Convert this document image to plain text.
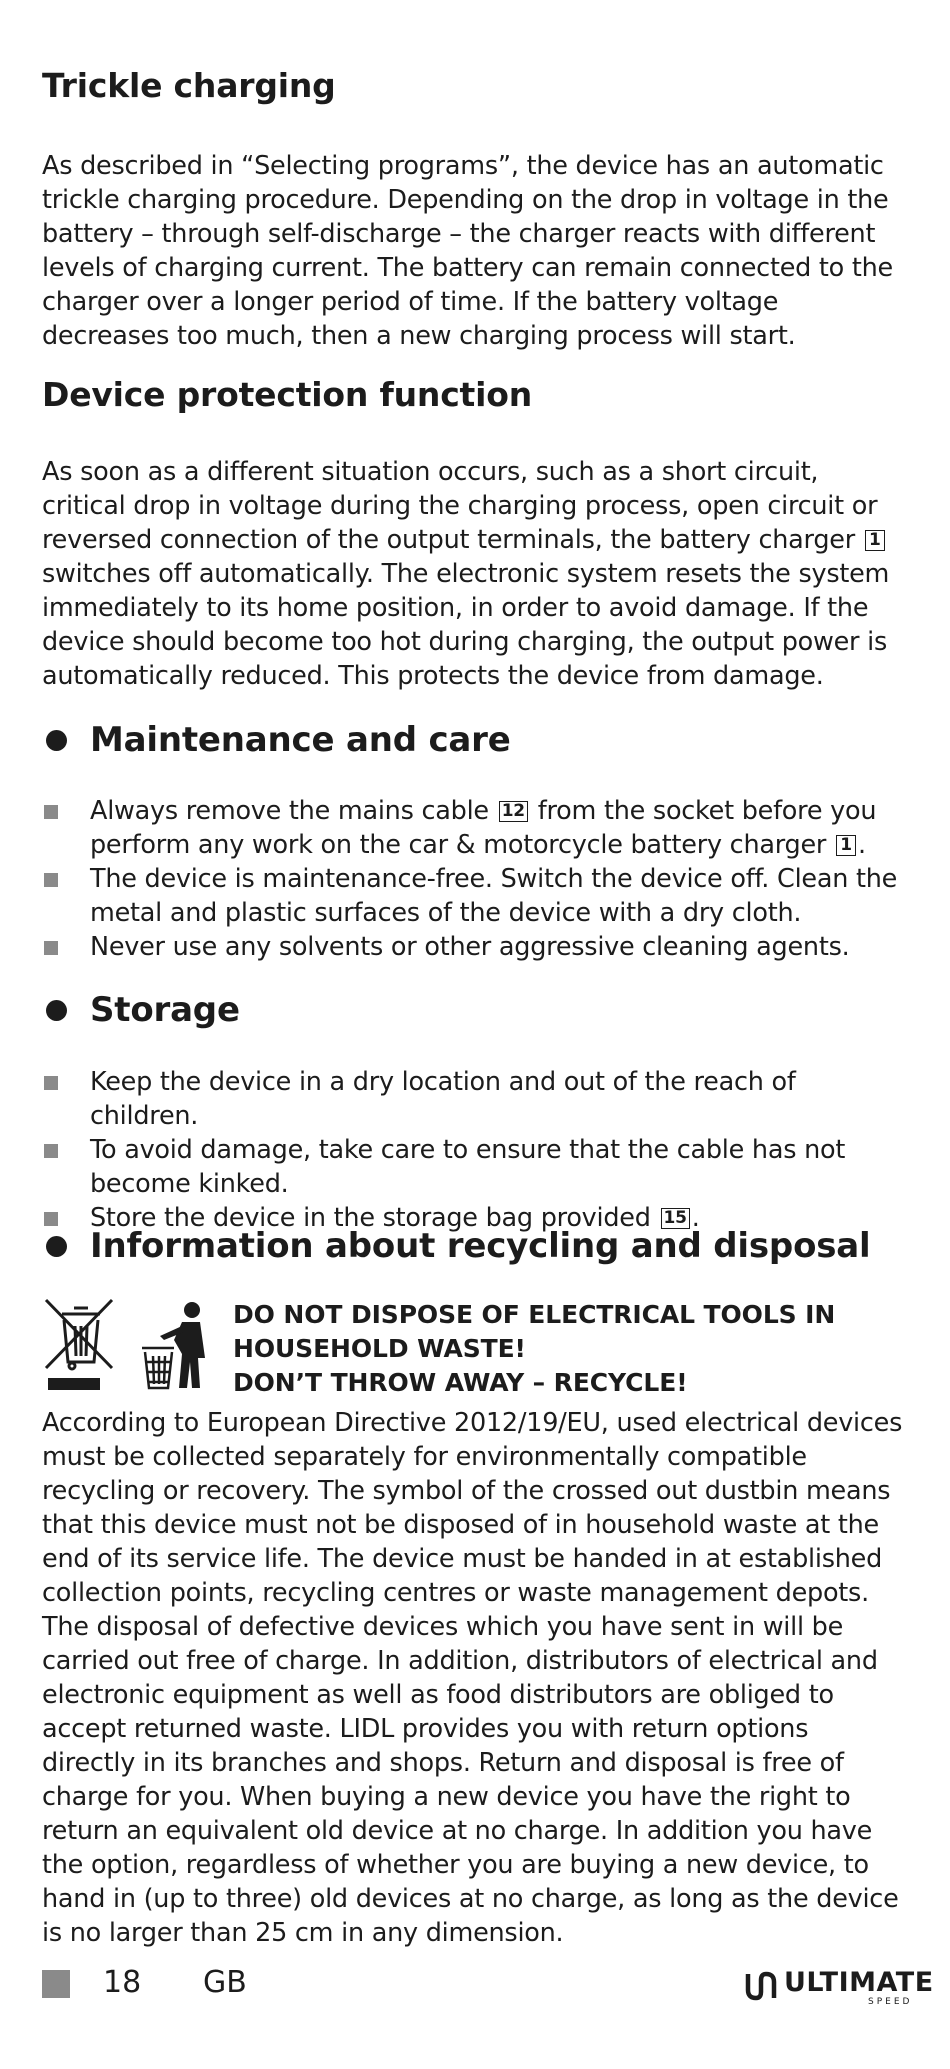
Trickle charging

As described in “Selecting programs”, the device has an automatic trickle charging procedure. Depending on the drop in voltage in the battery – through self-discharge – the charger reacts with different levels of charging current. The battery can remain connected to the charger over a longer period of time. If the battery voltage decreases too much, then a new charging process will start.

Device protection function

As soon as a different situation occurs, such as a short circuit, critical drop in voltage during the charging process, open circuit or reversed connection of the output terminals, the battery charger 1 switches off automatically. The electronic system resets the system immediately to its home position, in order to avoid damage. If the device should become too hot during charging, the output power is automatically reduced. This protects the device from damage.

Maintenance and care
Always remove the mains cable 12 from the socket before you perform any work on the car & motorcycle battery charger 1 .
The device is maintenance-free. Switch the device off. Clean the metal and plastic surfaces of the device with a dry cloth.
Never use any solvents or other aggressive cleaning agents.
Storage
Keep the device in a dry location and out of the reach of children.
To avoid damage, take care to ensure that the cable has not become kinked.
Store the device in the storage bag provided 15 .
Information about recycling and disposal
DO NOT DISPOSE OF ELECTRICAL TOOLS IN
HOUSEHOLD WASTE!
DON’T THROW AWAY – RECYCLE!

According to European Directive 2012/19/EU, used electrical devices must be collected separately for environmentally compatible recycling or recovery. The symbol of the crossed out dustbin means that this device must not be disposed of in household waste at the end of its service life. The device must be handed in at established collection points, recycling centres or waste management depots. The disposal of defective devices which you have sent in will be carried out free of charge. In addition, distributors of electrical and electronic equipment as well as food distributors are obliged to accept returned waste. LIDL provides you with return options directly in its branches and shops. Return and disposal is free of charge for you. When buying a new device you have the right to return an equivalent old device at no charge. In addition you have the option, regardless of whether you are buying a new device, to hand in (up to three) old devices at no charge, as long as the device is no larger than 25 cm in any dimension.

18 GB	ULTIMATE
SPEED
